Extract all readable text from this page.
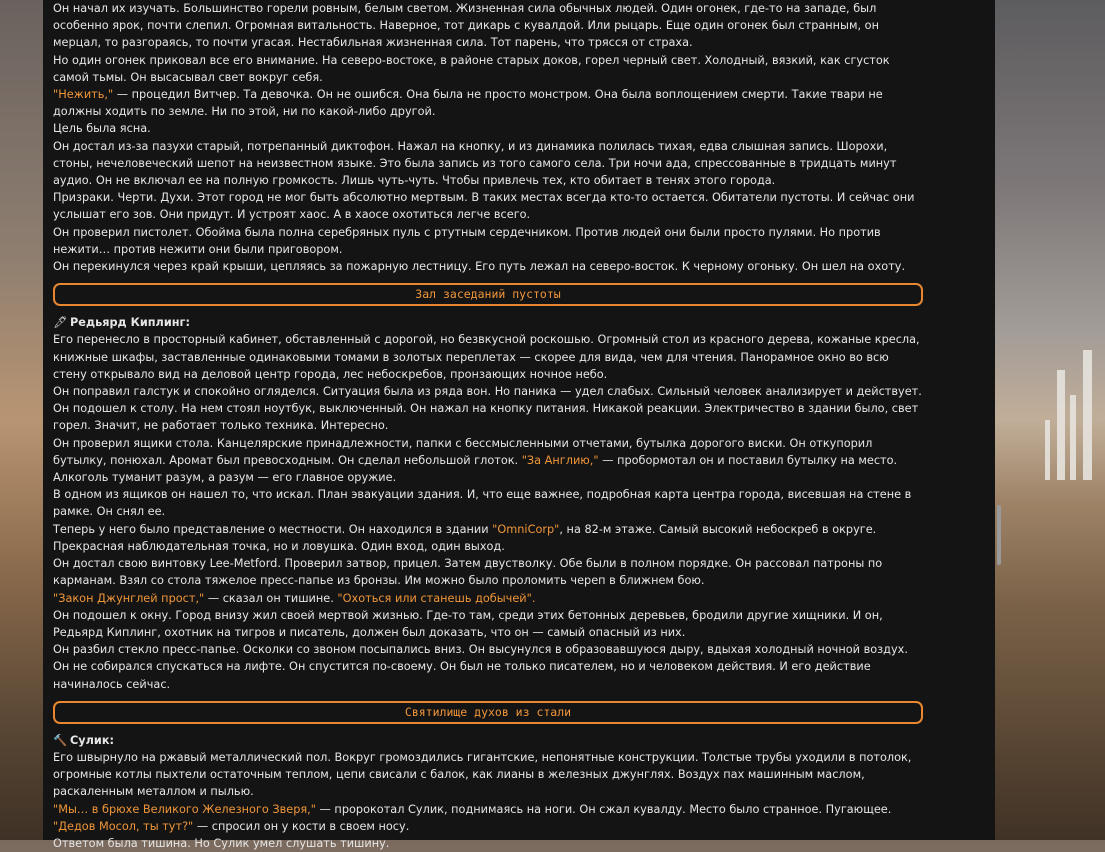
Он начал их изучать. Большинство горели ровным, белым светом. Жизненная сила обычных людей. Один огонек, где-то на западе, был особенно ярок, почти слепил. Огромная витальность. Наверное, тот дикарь с кувалдой. Или рыцарь. Еще один огонек был странным, он мерцал, то разгораясь, то почти угасая. Нестабильная жизненная сила. Тот парень, что трясся от страха.

Но один огонек приковал все его внимание. На северо-востоке, в районе старых доков, горел черный свет. Холодный, вязкий, как сгусток самой тьмы. Он высасывал свет вокруг себя.

"Нежить," — процедил Витчер. Та девочка. Он не ошибся. Она была не просто монстром. Она была воплощением смерти. Такие твари не должны ходить по земле. Ни по этой, ни по какой-либо другой.

Цель была ясна.

Он достал из-за пазухи старый, потрепанный диктофон. Нажал на кнопку, и из динамика полилась тихая, едва слышная запись. Шорохи, стоны, нечеловеческий шепот на неизвестном языке. Это была запись из того самого села. Три ночи ада, спрессованные в тридцать минут аудио. Он не включал ее на полную громкость. Лишь чуть-чуть. Чтобы привлечь тех, кто обитает в тенях этого города.

Призраки. Черти. Духи. Этот город не мог быть абсолютно мертвым. В таких местах всегда кто-то остается. Обитатели пустоты. И сейчас они услышат его зов. Они придут. И устроят хаос. А в хаосе охотиться легче всего.

Он проверил пистолет. Обойма была полна серебряных пуль с ртутным сердечником. Против людей они были просто пулями. Но против нежити… против нежити они были приговором.

Он перекинулся через край крыши, цепляясь за пожарную лестницу. Его путь лежал на северо-восток. К черному огоньку. Он шел на охоту.

Зал заседаний пустоты

🖋 Редьярд Киплинг:

Его перенесло в просторный кабинет, обставленный с дорогой, но безвкусной роскошью. Огромный стол из красного дерева, кожаные кресла, книжные шкафы, заставленные одинаковыми томами в золотых переплетах — скорее для вида, чем для чтения. Панорамное окно во всю стену открывало вид на деловой центр города, лес небоскребов, пронзающих ночное небо.

Он поправил галстук и спокойно огляделся. Ситуация была из ряда вон. Но паника — удел слабых. Сильный человек анализирует и действует.

Он подошел к столу. На нем стоял ноутбук, выключенный. Он нажал на кнопку питания. Никакой реакции. Электричество в здании было, свет горел. Значит, не работает только техника. Интересно.

Он проверил ящики стола. Канцелярские принадлежности, папки с бессмысленными отчетами, бутылка дорогого виски. Он откупорил бутылку, понюхал. Аромат был превосходным. Он сделал небольшой глоток. "За Англию," — пробормотал он и поставил бутылку на место. Алкоголь туманит разум, а разум — его главное оружие.

В одном из ящиков он нашел то, что искал. План эвакуации здания. И, что еще важнее, подробная карта центра города, висевшая на стене в рамке. Он снял ее.

Теперь у него было представление о местности. Он находился в здании "OmniCorp", на 82-м этаже. Самый высокий небоскреб в округе. Прекрасная наблюдательная точка, но и ловушка. Один вход, один выход.

Он достал свою винтовку Lee-Metford. Проверил затвор, прицел. Затем двустволку. Обе были в полном порядке. Он рассовал патроны по карманам. Взял со стола тяжелое пресс-папье из бронзы. Им можно было проломить череп в ближнем бою.

"Закон Джунглей прост," — сказал он тишине. "Охоться или станешь добычей".

Он подошел к окну. Город внизу жил своей мертвой жизнью. Где-то там, среди этих бетонных деревьев, бродили другие хищники. И он, Редьярд Киплинг, охотник на тигров и писатель, должен был доказать, что он — самый опасный из них.

Он разбил стекло пресс-папье. Осколки со звоном посыпались вниз. Он высунулся в образовавшуюся дыру, вдыхая холодный ночной воздух. Он не собирался спускаться на лифте. Он спустится по-своему. Он был не только писателем, но и человеком действия. И его действие начиналось сейчас.

Святилище духов из стали

🔨 Сулик:

Его швырнуло на ржавый металлический пол. Вокруг громоздились гигантские, непонятные конструкции. Толстые трубы уходили в потолок, огромные котлы пыхтели остаточным теплом, цепи свисали с балок, как лианы в железных джунглях. Воздух пах машинным маслом, раскаленным металлом и пылью.

"Мы… в брюхе Великого Железного Зверя," — пророкотал Сулик, поднимаясь на ноги. Он сжал кувалду. Место было странное. Пугающее.

"Дедов Мосол, ты тут?" — спросил он у кости в своем носу.

Ответом была тишина. Но Сулик умел слушать тишину.
